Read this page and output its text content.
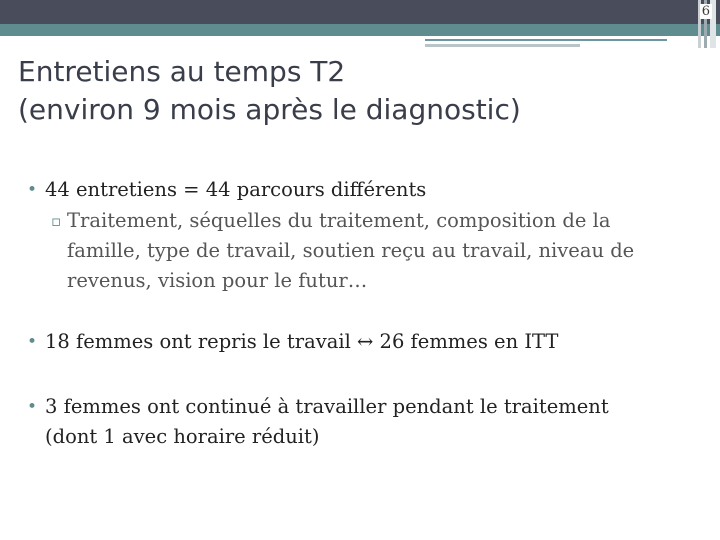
6
Entretiens au temps T2
(environ 9 mois après le diagnostic)
• 44 entretiens = 44 parcours différents
▫ Traitement, séquelles du traitement, composition de la
famille, type de travail, soutien reçu au travail, niveau de
revenus, vision pour le futur…
• 18 femmes ont repris le travail ↔ 26 femmes en ITT
• 3 femmes ont continué à travailler pendant le traitement
(dont 1 avec horaire réduit)
